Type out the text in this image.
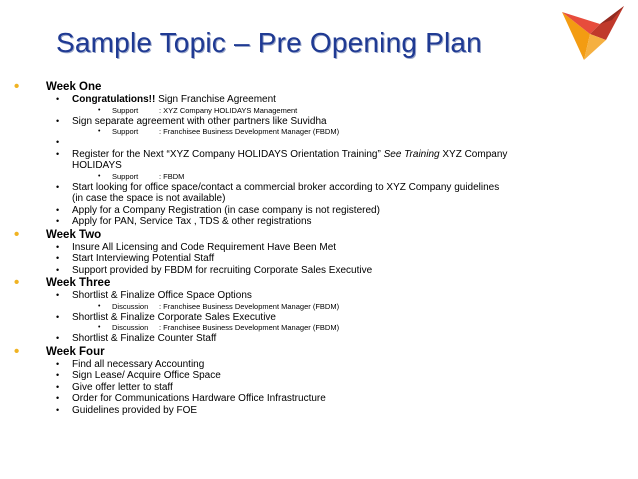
Sample Topic – Pre Opening Plan
• Week One
• Congratulations!! Sign Franchise Agreement
• Support	: XYZ Company HOLIDAYS Management
• Sign separate agreement with other partners like Suvidha
• Support	: Franchisee Business Development Manager (FBDM)
•

• Register for the Next “XYZ Company HOLIDAYS Orientation Training” See Training XYZ Company
HOLIDAYS
• Support	: FBDM
• Start looking for office space/contact a commercial broker according to XYZ Company guidelines
(in case the space is not available)
• Apply for a Company Registration (in case company is not registered)
• Apply for PAN, Service Tax , TDS & other registrations
• Week Two
• Insure All Licensing and Code Requirement Have Been Met
• Start Interviewing Potential Staff
• Support provided by FBDM for recruiting Corporate Sales Executive
• Week Three
• Shortlist & Finalize Office Space Options
• Discussion : Franchisee Business Development Manager (FBDM)
• Shortlist & Finalize Corporate Sales Executive
• Discussion : Franchisee Business Development Manager (FBDM)
• Shortlist & Finalize Counter Staff
• Week Four
• Find all necessary Accounting
• Sign Lease/ Acquire Office Space
• Give offer letter to staff
• Order for Communications Hardware Office Infrastructure
• Guidelines provided by FOE
